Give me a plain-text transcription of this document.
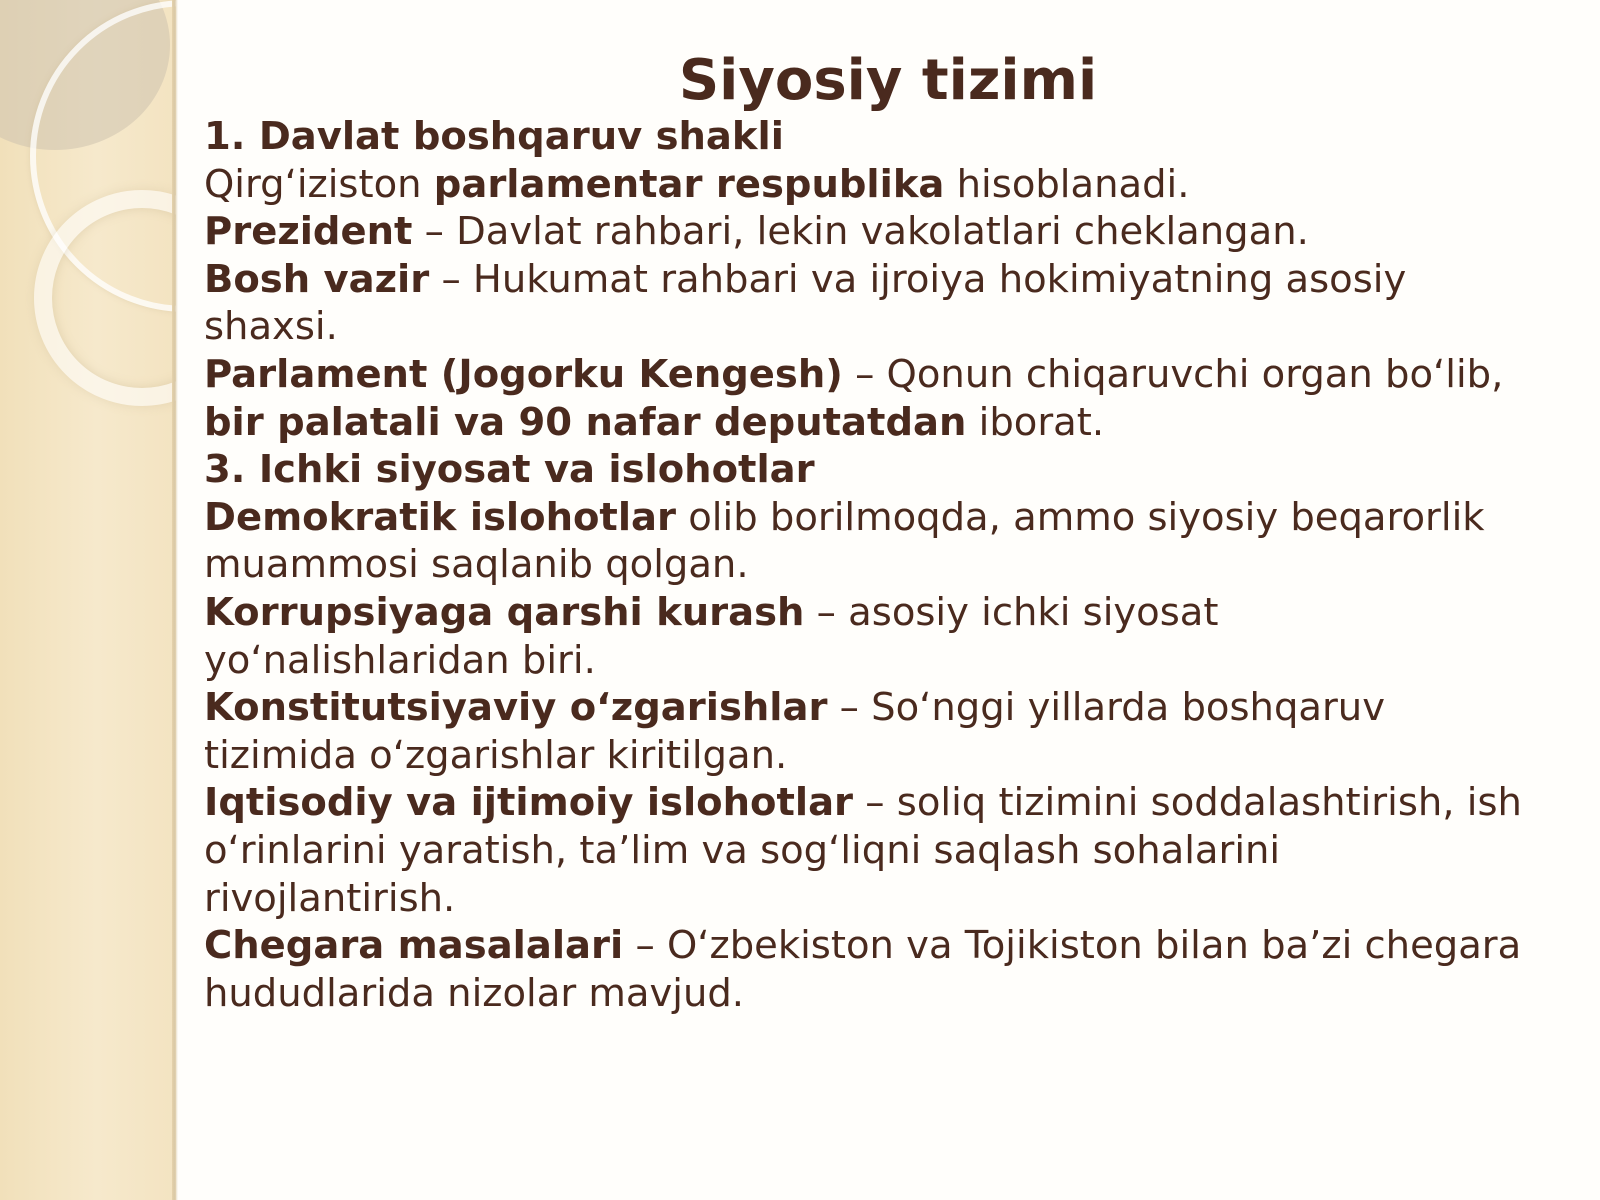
Siyosiy tizimi

1. Davlat boshqaruv shakli

Qirg‘iziston parlamentar respublika hisoblanadi.

Prezident – Davlat rahbari, lekin vakolatlari cheklangan.

Bosh vazir – Hukumat rahbari va ijroiya hokimiyatning asosiy shaxsi.

Parlament (Jogorku Kengesh) – Qonun chiqaruvchi organ bo‘lib, bir palatali va 90 nafar deputatdan iborat.

3. Ichki siyosat va islohotlar

Demokratik islohotlar olib borilmoqda, ammo siyosiy beqarorlik muammosi saqlanib qolgan.

Korrupsiyaga qarshi kurash – asosiy ichki siyosat yo‘nalishlaridan biri.

Konstitutsiyaviy o‘zgarishlar – So‘nggi yillarda boshqaruv tizimida o‘zgarishlar kiritilgan.

Iqtisodiy va ijtimoiy islohotlar – soliq tizimini soddalashtirish, ish o‘rinlarini yaratish, ta’lim va sog‘liqni saqlash sohalarini rivojlantirish.

Chegara masalalari – O‘zbekiston va Tojikiston bilan ba’zi chegara hududlarida nizolar mavjud.
